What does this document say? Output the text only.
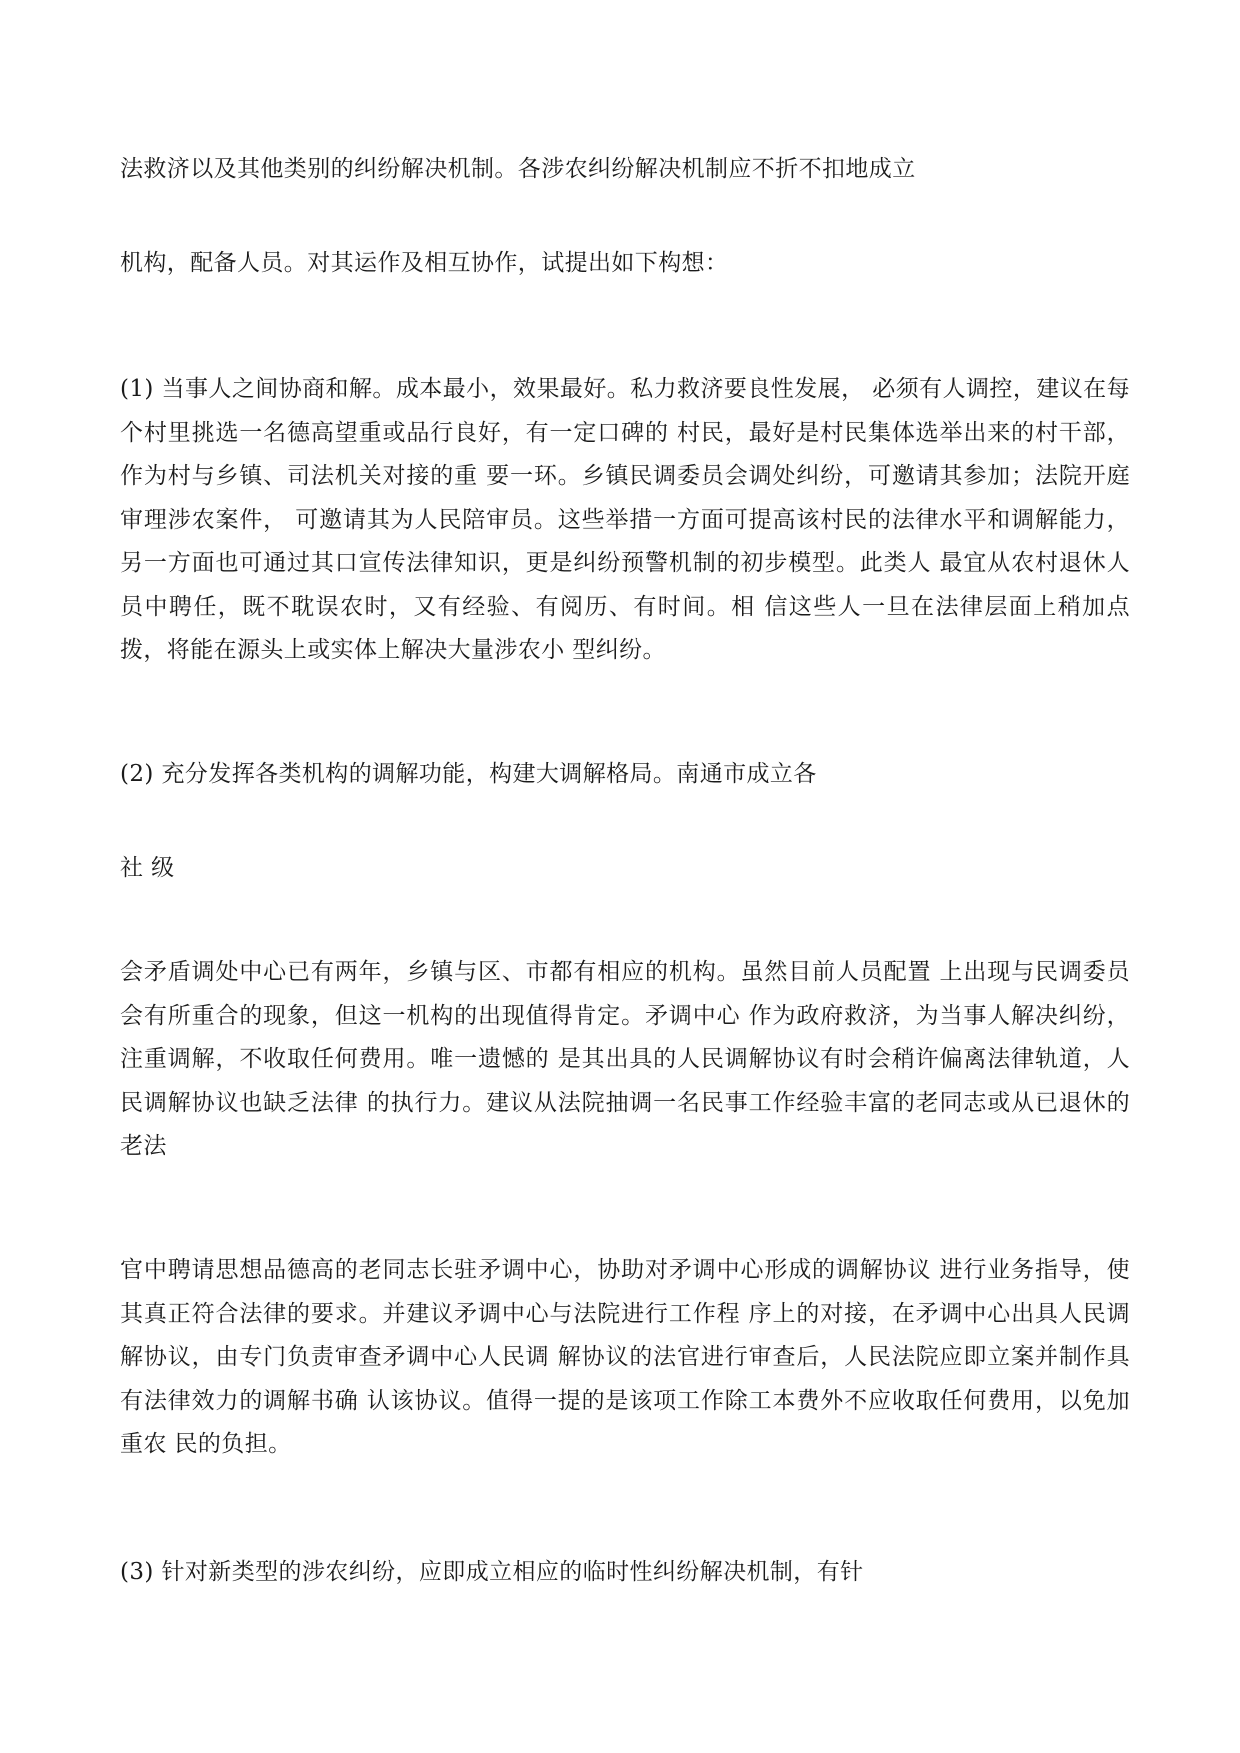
法救济以及其他类别的纠纷解决机制。各涉农纠纷解决机制应不折不扣地成立

机构，配备人员。对其运作及相互协作，试提出如下构想：

(1) 当事人之间协商和解。成本最小，效果最好。私力救济要良性发展， 必须有人调控，建议在每个村里挑选一名德高望重或品行良好，有一定口碑的 村民，最好是村民集体选举出来的村干部，作为村与乡镇、司法机关对接的重 要一环。乡镇民调委员会调处纠纷，可邀请其参加；法院开庭审理涉农案件， 可邀请其为人民陪审员。这些举措一方面可提高该村民的法律水平和调解能力， 另一方面也可通过其口宣传法律知识，更是纠纷预警机制的初步模型。此类人 最宜从农村退休人员中聘任，既不耽误农时，又有经验、有阅历、有时间。相 信这些人一旦在法律层面上稍加点拨，将能在源头上或实体上解决大量涉农小 型纠纷。

(2) 充分发挥各类机构的调解功能，构建大调解格局。南通市成立各

社 级

会矛盾调处中心已有两年，乡镇与区、市都有相应的机构。虽然目前人员配置 上出现与民调委员会有所重合的现象，但这一机构的出现值得肯定。矛调中心 作为政府救济，为当事人解决纠纷，注重调解，不收取任何费用。唯一遗憾的 是其出具的人民调解协议有时会稍许偏离法律轨道，人民调解协议也缺乏法律 的执行力。建议从法院抽调一名民事工作经验丰富的老同志或从已退休的老法

官中聘请思想品德高的老同志长驻矛调中心，协助对矛调中心形成的调解协议 进行业务指导，使其真正符合法律的要求。并建议矛调中心与法院进行工作程 序上的对接，在矛调中心出具人民调解协议，由专门负责审查矛调中心人民调 解协议的法官进行审查后，人民法院应即立案并制作具有法律效力的调解书确 认该协议。值得一提的是该项工作除工本费外不应收取任何费用，以免加重农 民的负担。

(3) 针对新类型的涉农纠纷，应即成立相应的临时性纠纷解决机制，有针
